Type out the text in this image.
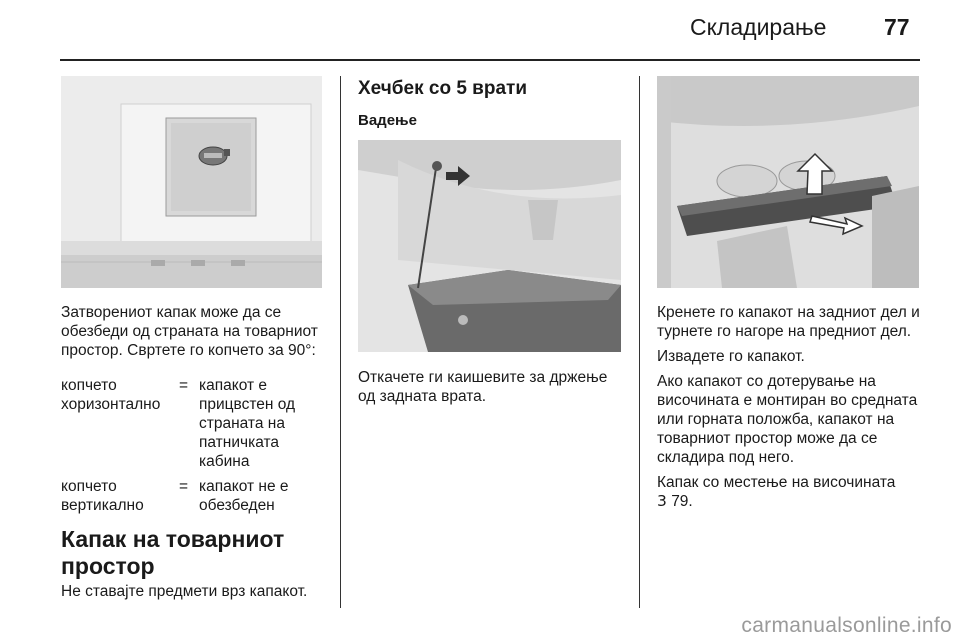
Складирање	77
Затворениот капак може да се обезбеди од страната на товарниот простор. Свртете го копчето за 90°:
копчето хоризонтално
= капакот е прицвстен од страната на патничката кабина
копчето вертикално
= капакот не е обезбеден
Капак на товарниот простор
Не ставајте предмети врз капакот.
Хечбек со 5 врати
Вадење
Откачете ги каишевите за држење од задната врата.

Кренете го капакот на задниот дел и турнете го нагоре на предниот дел.

Извадете го капакот.

Ако капакот со дотерување на височината е монтиран во средната или горната положба, капакот на товарниот простор може да се складира под него.

Капак со местење на височината

3 79.
carmanualsonline.info
